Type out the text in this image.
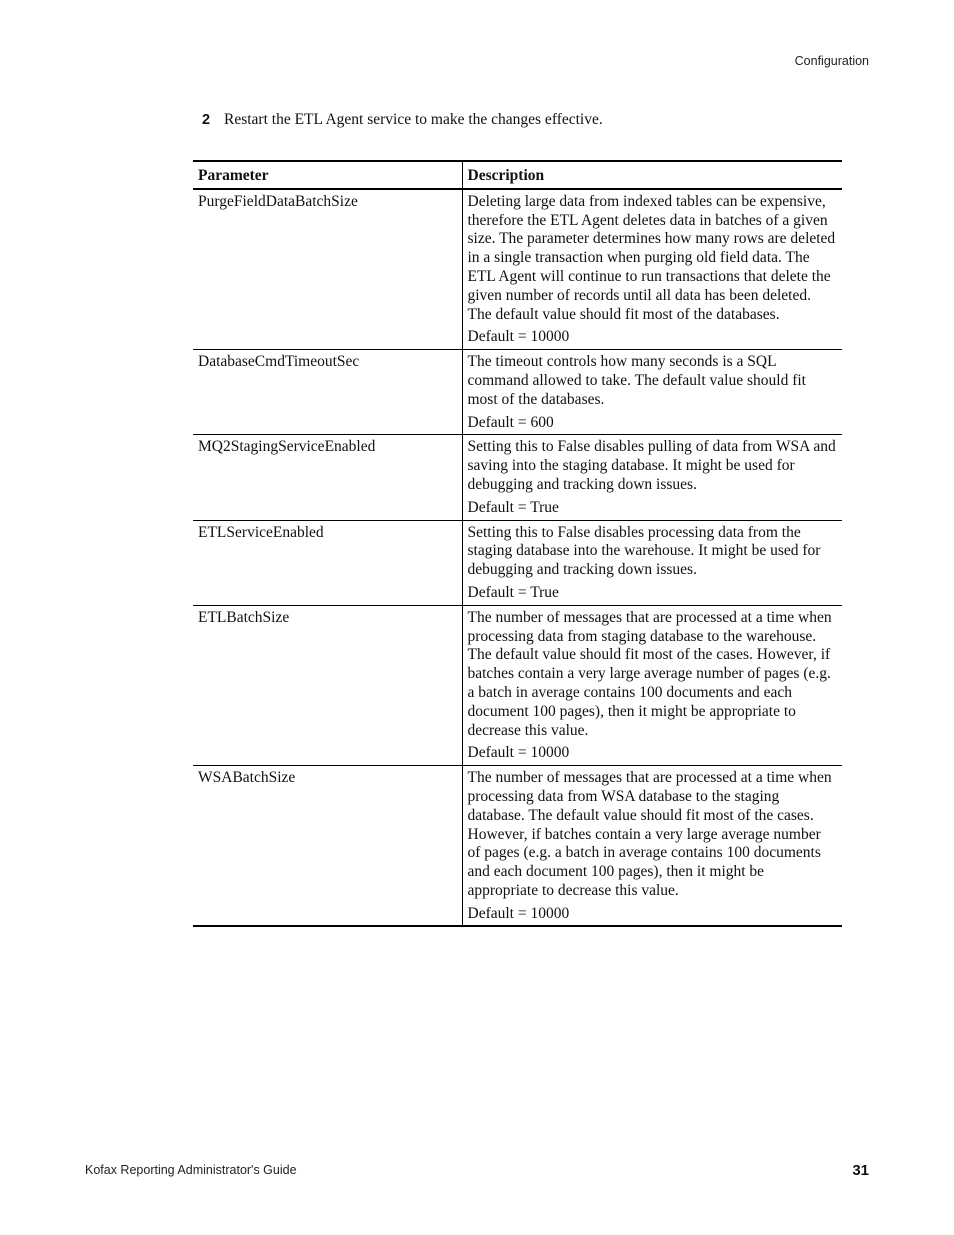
Configuration
2 Restart the ETL Agent service to make the changes effective.
Parameter	Description
PurgeFieldDataBatchSize	Deleting large data from indexed tables can be expensive, therefore the ETL Agent deletes data in batches of a given size. The parameter determines how many rows are deleted in a single transaction when purging old field data. The ETL Agent will continue to run transactions that delete the given number of records until all data has been deleted. The default value should fit most of the databases.

Default = 10000

DatabaseCmdTimeoutSec	The timeout controls how many seconds is a SQL command allowed to take. The default value should fit most of the databases.

Default = 600

MQ2StagingServiceEnabled	Setting this to False disables pulling of data from WSA and saving into the staging database. It might be used for debugging and tracking down issues.

Default = True

ETLServiceEnabled	Setting this to False disables processing data from the staging database into the warehouse. It might be used for debugging and tracking down issues.

Default = True

ETLBatchSize	The number of messages that are processed at a time when processing data from staging database to the warehouse. The default value should fit most of the cases. However, if batches contain a very large average number of pages (e.g. a batch in average contains 100 documents and each document 100 pages), then it might be appropriate to decrease this value.

Default = 10000

WSABatchSize	The number of messages that are processed at a time when processing data from WSA database to the staging database. The default value should fit most of the cases. However, if batches contain a very large average number of pages (e.g. a batch in average contains 100 documents and each document 100 pages), then it might be appropriate to decrease this value.

Default = 10000

Kofax Reporting Administrator's Guide	31
